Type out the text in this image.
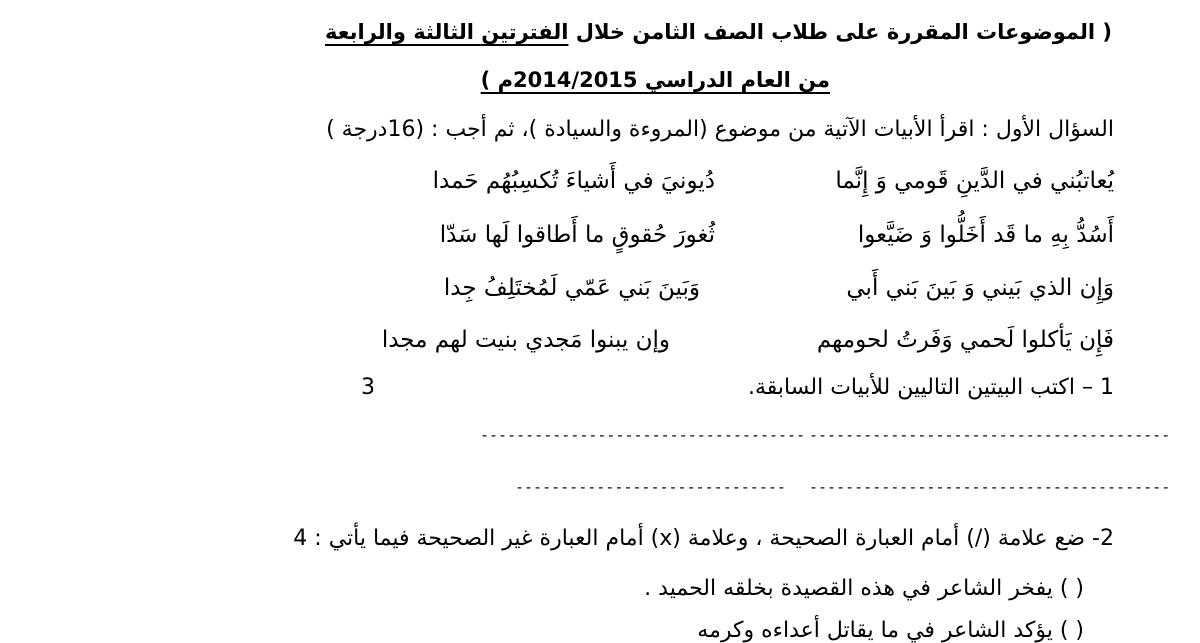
( الموضوعات المقررة على طلاب الصف الثامن خلال الفترتين الثالثة والرابعة
من العام الدراسي 2014/2015م )
السؤال الأول : اقرأ الأبيات الآتية من موضوع (المروءة والسيادة )، ثم أجب : (16درجة )
يُعاتبُني في الدَّينِ قَومي وَ إِنَّما
دُيونيَ في أَشياءَ تُكسِبُهُم حَمدا
أَسُدُّ بِهِ ما قَد أَخَلُّوا وَ ضَيَّعوا
ثُغورَ حُقوقٍ ما أَطاقوا لَها سَدّا
وَإِن الذي بَيني وَ بَينَ بَني أَبي
وَبَينَ بَني عَمّي لَمُختَلِفُ جِدا
فَإِن يَأكلوا لَحمي وَفَرتُ لحومهم
وإن يبنوا مَجدي بنيت لهم مجدا
1 – اكتب البيتين التاليين للأبيات السابقة.
3
----------------------------------------
------------------------------------
----------------------------------------
------------------------------
2- ضع علامة (/) أمام العبارة الصحيحة ، وعلامة (x) أمام العبارة غير الصحيحة فيما يأتي : 4
( ) يفخر الشاعر في هذه القصيدة بخلقه الحميد .
( ) يؤكد الشاعر في ما يقاتل أعداءه وكرمه
